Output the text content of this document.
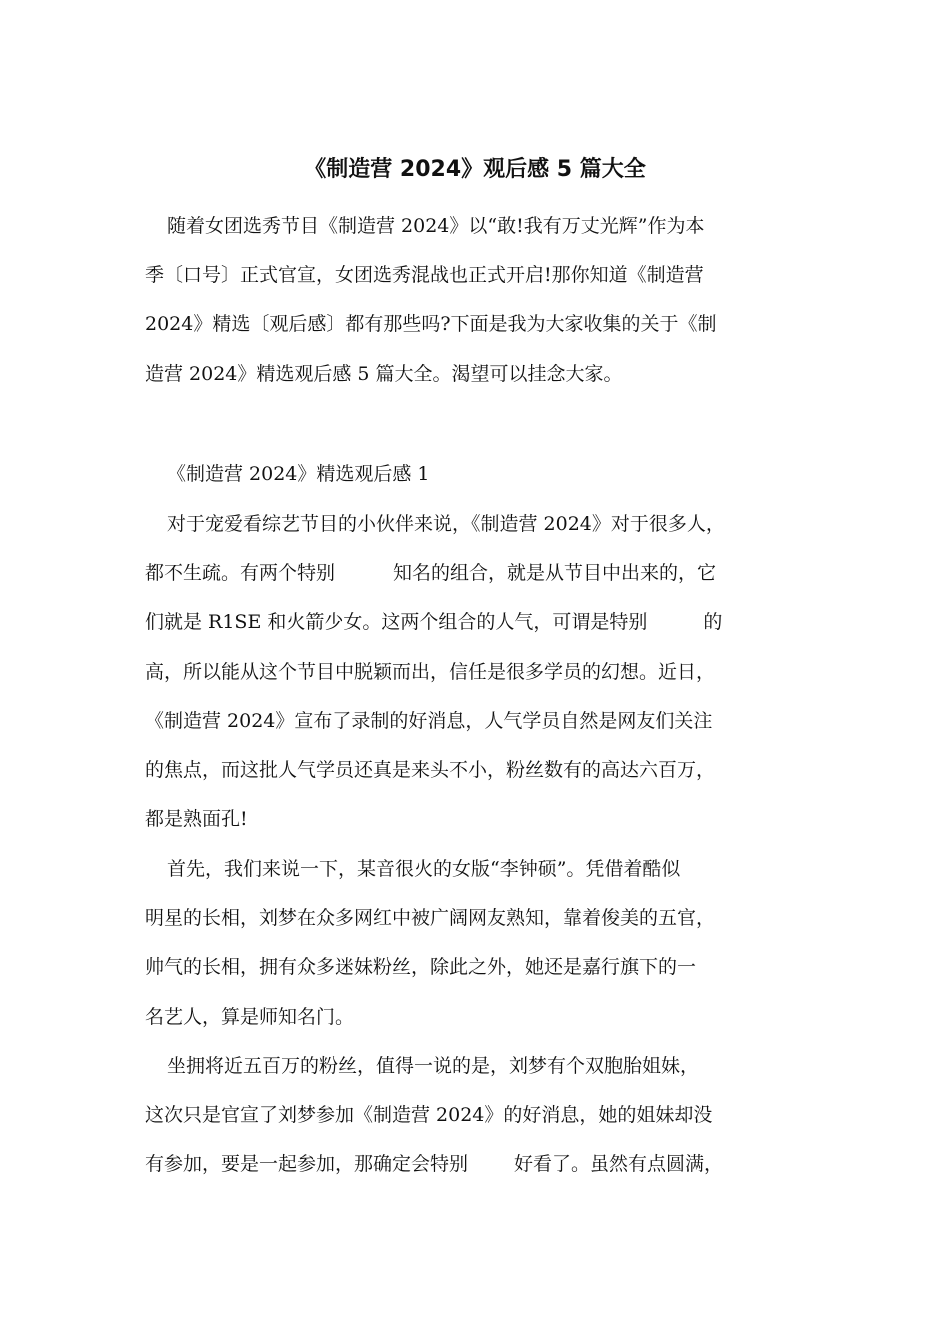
《制造营 2024》观后感 5 篇大全
随着女团选秀节目《制造营 2024》以“敢!我有万丈光辉”作为本
季〔口号〕正式官宣，女团选秀混战也正式开启!那你知道《制造营
2024》精选〔观后感〕都有那些吗?下面是我为大家收集的关于《制
造营 2024》精选观后感 5 篇大全。渴望可以挂念大家。
《制造营 2024》精选观后感 1
对于宠爱看综艺节目的小伙伴来说，《制造营 2024》对于很多人，
都不生疏。有两个特别	知名的组合，就是从节目中出来的，它
们就是 R1SE 和火箭少女。这两个组合的人气，可谓是特别	的
高，所以能从这个节目中脱颖而出，信任是很多学员的幻想。近日，
《制造营 2024》宣布了录制的好消息，人气学员自然是网友们关注
的焦点，而这批人气学员还真是来头不小，粉丝数有的高达六百万，
都是熟面孔!
首先，我们来说一下，某音很火的女版“李钟硕”。凭借着酷似
明星的长相，刘梦在众多网红中被广阔网友熟知，靠着俊美的五官，
帅气的长相，拥有众多迷妹粉丝，除此之外，她还是嘉行旗下的一
名艺人，算是师知名门。
坐拥将近五百万的粉丝，值得一说的是，刘梦有个双胞胎姐妹，
这次只是官宣了刘梦参加《制造营 2024》的好消息，她的姐妹却没
有参加，要是一起参加，那确定会特别 好看了。虽然有点圆满，
